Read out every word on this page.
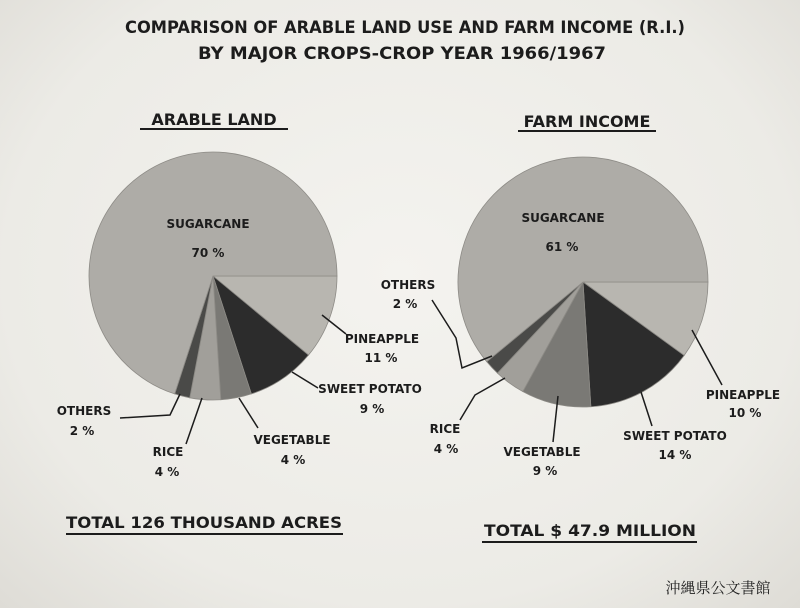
COMPARISON OF ARABLE LAND USE AND FARM INCOME (R.I.)
BY MAJOR CROPS-CROP YEAR 1966/1967
ARABLE LAND
SUGARCANE
70 %
PINEAPPLE
11 %
SWEET POTATO
9 %
VEGETABLE
4 %
RICE
4 %
OTHERS
2 %
TOTAL 126 THOUSAND ACRES
FARM INCOME
SUGARCANE
61 %
PINEAPPLE
10 %
SWEET POTATO
14 %
VEGETABLE
9 %
RICE
4 %
OTHERS
2 %
TOTAL $ 47.9 MILLION
沖縄県公文書館
